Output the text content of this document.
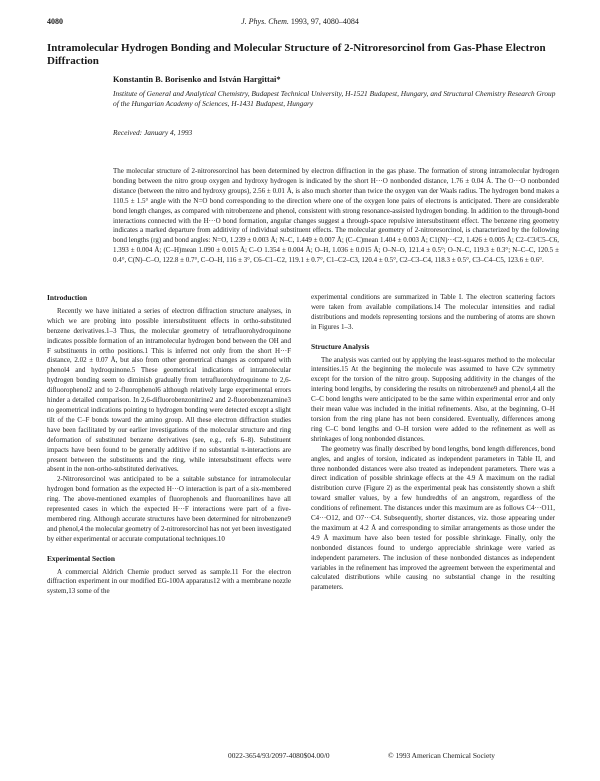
4080	J. Phys. Chem. 1993, 97, 4080–4084
Intramolecular Hydrogen Bonding and Molecular Structure of 2-Nitroresorcinol from Gas-Phase Electron Diffraction
Konstantin B. Borisenko and István Hargittai*
Institute of General and Analytical Chemistry, Budapest Technical University, H-1521 Budapest, Hungary, and Structural Chemistry Research Group of the Hungarian Academy of Sciences, H-1431 Budapest, Hungary
Received: January 4, 1993
The molecular structure of 2-nitroresorcinol has been determined by electron diffraction in the gas phase. The formation of strong intramolecular hydrogen bonding between the nitro group oxygen and hydroxy hydrogen is indicated by the short H···O nonbonded distance, 1.76 ± 0.04 Å. The O···O nonbonded distance (between the nitro and hydroxy groups), 2.56 ± 0.01 Å, is also much shorter than twice the oxygen van der Waals radius. The hydrogen bond makes a 110.5 ± 1.5° angle with the N=O bond corresponding to the direction where one of the oxygen lone pairs of electrons is anticipated. There are considerable bond length changes, as compared with nitrobenzene and phenol, consistent with strong resonance-assisted hydrogen bonding. In addition to the through-bond interactions connected with the H···O bond formation, angular changes suggest a through-space repulsive intersubstituent effect. The benzene ring geometry indicates a marked departure from additivity of individual substituent effects. The molecular geometry of 2-nitroresorcinol, is characterized by the following bond lengths (rg) and bond angles: N=O, 1.239 ± 0.003 Å; N–C, 1.449 ± 0.007 Å; (C–C)mean 1.404 ± 0.003 Å; C1(N)···C2, 1.426 ± 0.005 Å; C2–C3/C5–C6, 1.393 ± 0.004 Å; (C–H)mean 1.090 ± 0.015 Å; C–O 1.354 ± 0.004 Å; O–H, 1.036 ± 0.015 Å; O–N–O, 121.4 ± 0.5°; O–N–C, 119.3 ± 0.3°; N–C–C, 120.5 ± 0.4°, C(N)–C–O, 122.8 ± 0.7°, C–O–H, 116 ± 3°, C6–C1–C2, 119.1 ± 0.7°, C1–C2–C3, 120.4 ± 0.5°, C2–C3–C4, 118.3 ± 0.5°, C3–C4–C5, 123.6 ± 0.6°.
Introduction

Recently we have initiated a series of electron diffraction structure analyses, in which we are probing into possible intersubstituent effects in ortho-substituted benzene derivatives.1–3 Thus, the molecular geometry of tetrafluorohydroquinone indicates possible formation of an intramolecular hydrogen bond between the OH and F substituents in ortho positions.1 This is inferred not only from the short H···F distance, 2.02 ± 0.07 Å, but also from other geometrical changes as compared with phenol4 and hydroquinone.5 These geometrical indications of intramolecular hydrogen bonding seem to diminish gradually from tetrafluorohydroquinone to 2,6-difluorophenol2 and to 2-fluorophenol6 although relatively large experimental errors hinder a detailed comparison. In 2,6-difluorobenzonitrine2 and 2-fluorobenzenamine3 no geometrical indications pointing to hydrogen bonding were detected except a slight tilt of the C–F bonds toward the amino group. All these electron diffraction studies have been facilitated by our earlier investigations of the molecular structure and ring deformation of substituted benzene derivatives (see, e.g., refs 6–8). Substituent impacts have been found to be generally additive if no substantial π-interactions are present between the substituents and the ring, while intersubstituent effects were absent in the non-ortho-substituted derivatives.

2-Nitroresorcinol was anticipated to be a suitable substance for intramolecular hydrogen bond formation as the expected H···O interaction is part of a six-membered ring. The above-mentioned examples of fluorophenols and fluoroanilines have all represented cases in which the expected H···F interactions were part of a five-membered ring. Although accurate structures have been determined for nitrobenzene9 and phenol,4 the molecular geometry of 2-nitroresorcinol has not yet been investigated by either experimental or accurate computational techniques.10

Experimental Section

A commercial Aldrich Chemie product served as sample.11 For the electron diffraction experiment in our modified EG-100A apparatus12 with a membrane nozzle system,13 some of the

experimental conditions are summarized in Table I. The electron scattering factors were taken from available compilations.14 The molecular intensities and radial distributions and models representing torsions and the numbering of atoms are shown in Figures 1–3.

Structure Analysis

The analysis was carried out by applying the least-squares method to the molecular intensities.15 At the beginning the molecule was assumed to have C2v symmetry except for the torsion of the nitro group. Supposing additivity in the changes of the intering bond lengths, by considering the results on nitrobenzene9 and phenol,4 all the C–C bond lengths were anticipated to be the same within experimental error and only their mean value was included in the initial refinements. Also, at the beginning, O–H torsion from the ring plane has not been considered. Eventually, differences among ring C–C bond lengths and O–H torsion were added to the refinement as well as shrinkages of long nonbonded distances.

The geometry was finally described by bond lengths, bond length differences, bond angles, and angles of torsion, indicated as independent parameters in Table II, and three nonbonded distances were also treated as independent parameters. There was a direct indication of possible shrinkage effects at the 4.9 Å maximum on the radial distribution curve (Figure 2) as the experimental peak has consistently shown a shift toward smaller values, by a few hundredths of an angstrom, regardless of the conditions of refinement. The distances under this maximum are as follows C4···O11, C4···O12, and O7···C4. Subsequently, shorter distances, viz. those appearing under the maximum at 4.2 Å and corresponding to similar arrangements as those under the 4.9 Å maximum have also been tested for possible shrinkage. Finally, only the nonbonded distances found to undergo appreciable shrinkage were varied as independent parameters. The inclusion of these nonbonded distances as independent variables in the refinement has improved the agreement between the experimental and calculated distributions while causing no substantial change in the resulting parameters.

0022-3654/93/2097-4080$04.00/0	© 1993 American Chemical Society
